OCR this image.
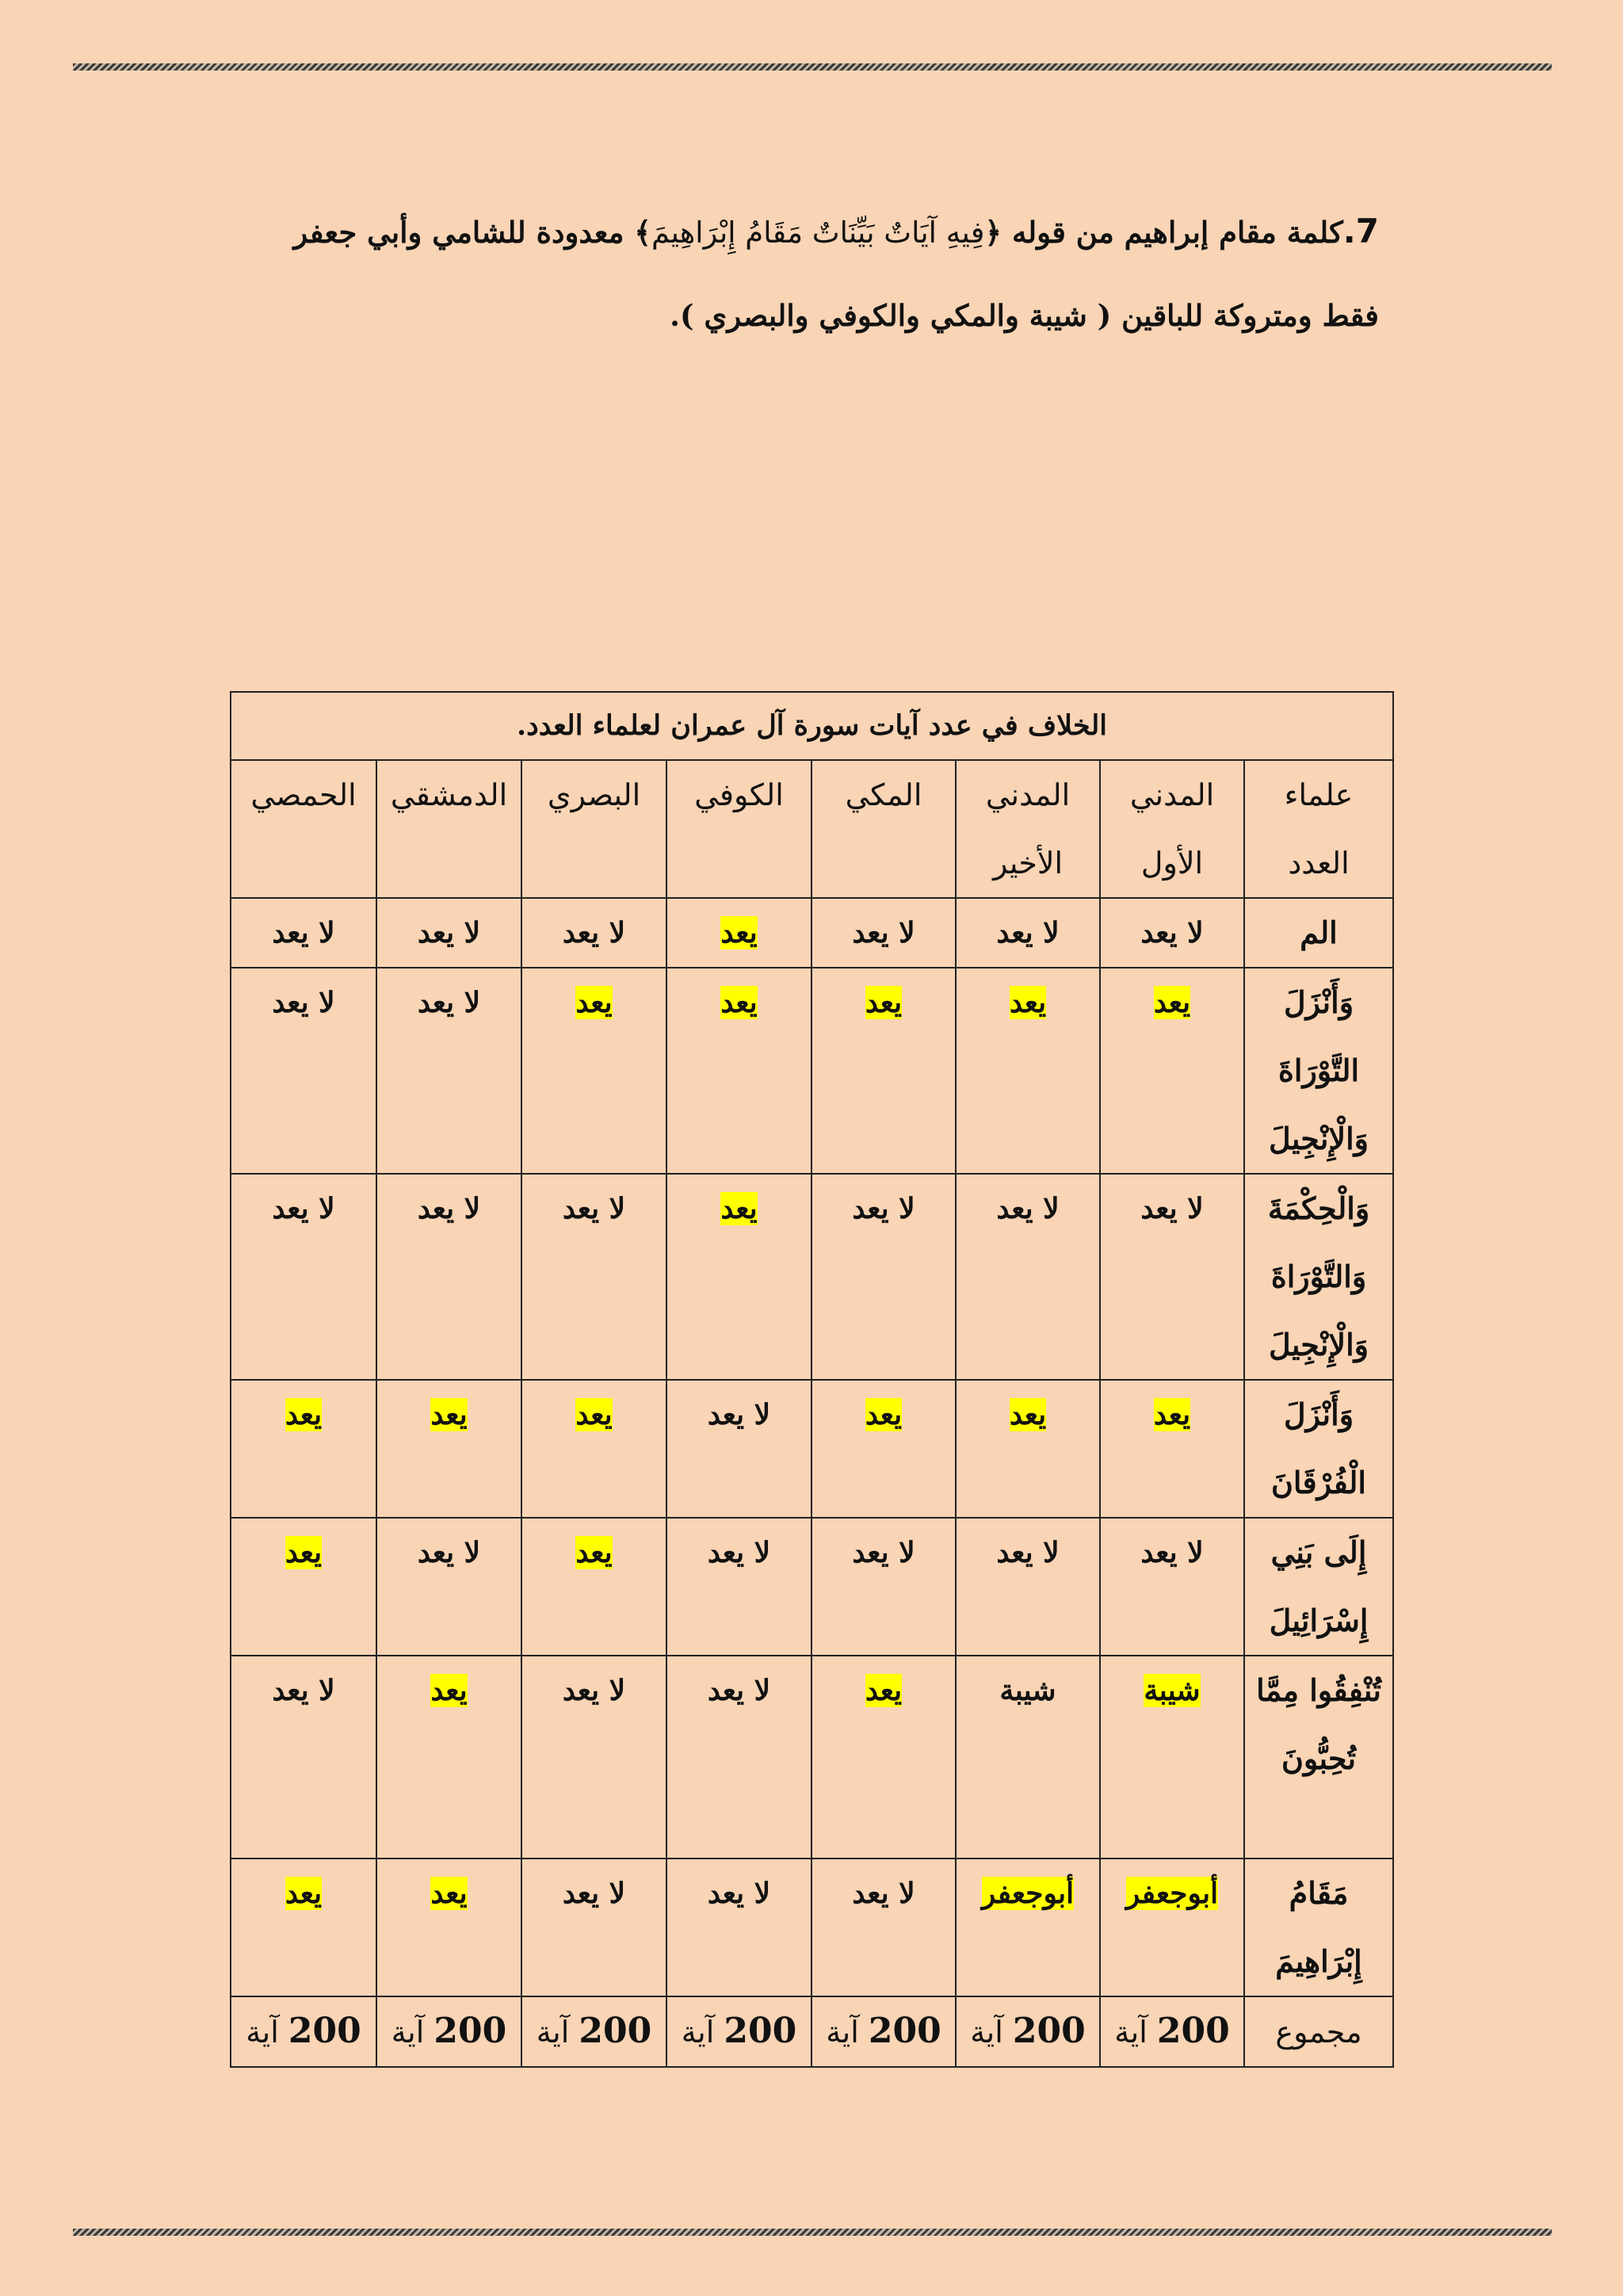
7.كلمة مقام إبراهيم من قوله ﴿فِيهِ آيَاتٌ بَيِّنَاتٌ مَقَامُ إِبْرَاهِيمَ﴾ معدودة للشامي وأبي جعفر فقط ومتروكة للباقين ( شيبة والمكي والكوفي والبصري ).
الخلاف في عدد آيات سورة آل عمران لعلماء العدد.							
علماء العدد	المدني الأول	المدني الأخير	المكي	الكوفي	البصري	الدمشقي	الحمصي
الم	لا يعد	لا يعد	لا يعد	يعد	لا يعد	لا يعد	لا يعد
وَأَنْزَلَ التَّوْرَاةَ وَالْإِنْجِيلَ	يعد	يعد	يعد	يعد	يعد	لا يعد	لا يعد
وَالْحِكْمَةَ وَالتَّوْرَاةَ وَالْإِنْجِيلَ	لا يعد	لا يعد	لا يعد	يعد	لا يعد	لا يعد	لا يعد
وَأَنْزَلَ الْفُرْقَانَ	يعد	يعد	يعد	لا يعد	يعد	يعد	يعد
إِلَى بَنِي إِسْرَائِيلَ	لا يعد	لا يعد	لا يعد	لا يعد	يعد	لا يعد	يعد
تُنْفِقُوا مِمَّا تُحِبُّونَ	شيبة	شيبة	يعد	لا يعد	لا يعد	يعد	لا يعد
مَقَامُ إِبْرَاهِيمَ	أبوجعفر	أبوجعفر	لا يعد	لا يعد	لا يعد	يعد	يعد
مجموع	200 آية	200 آية	200 آية	200 آية	200 آية	200 آية	200 آية
